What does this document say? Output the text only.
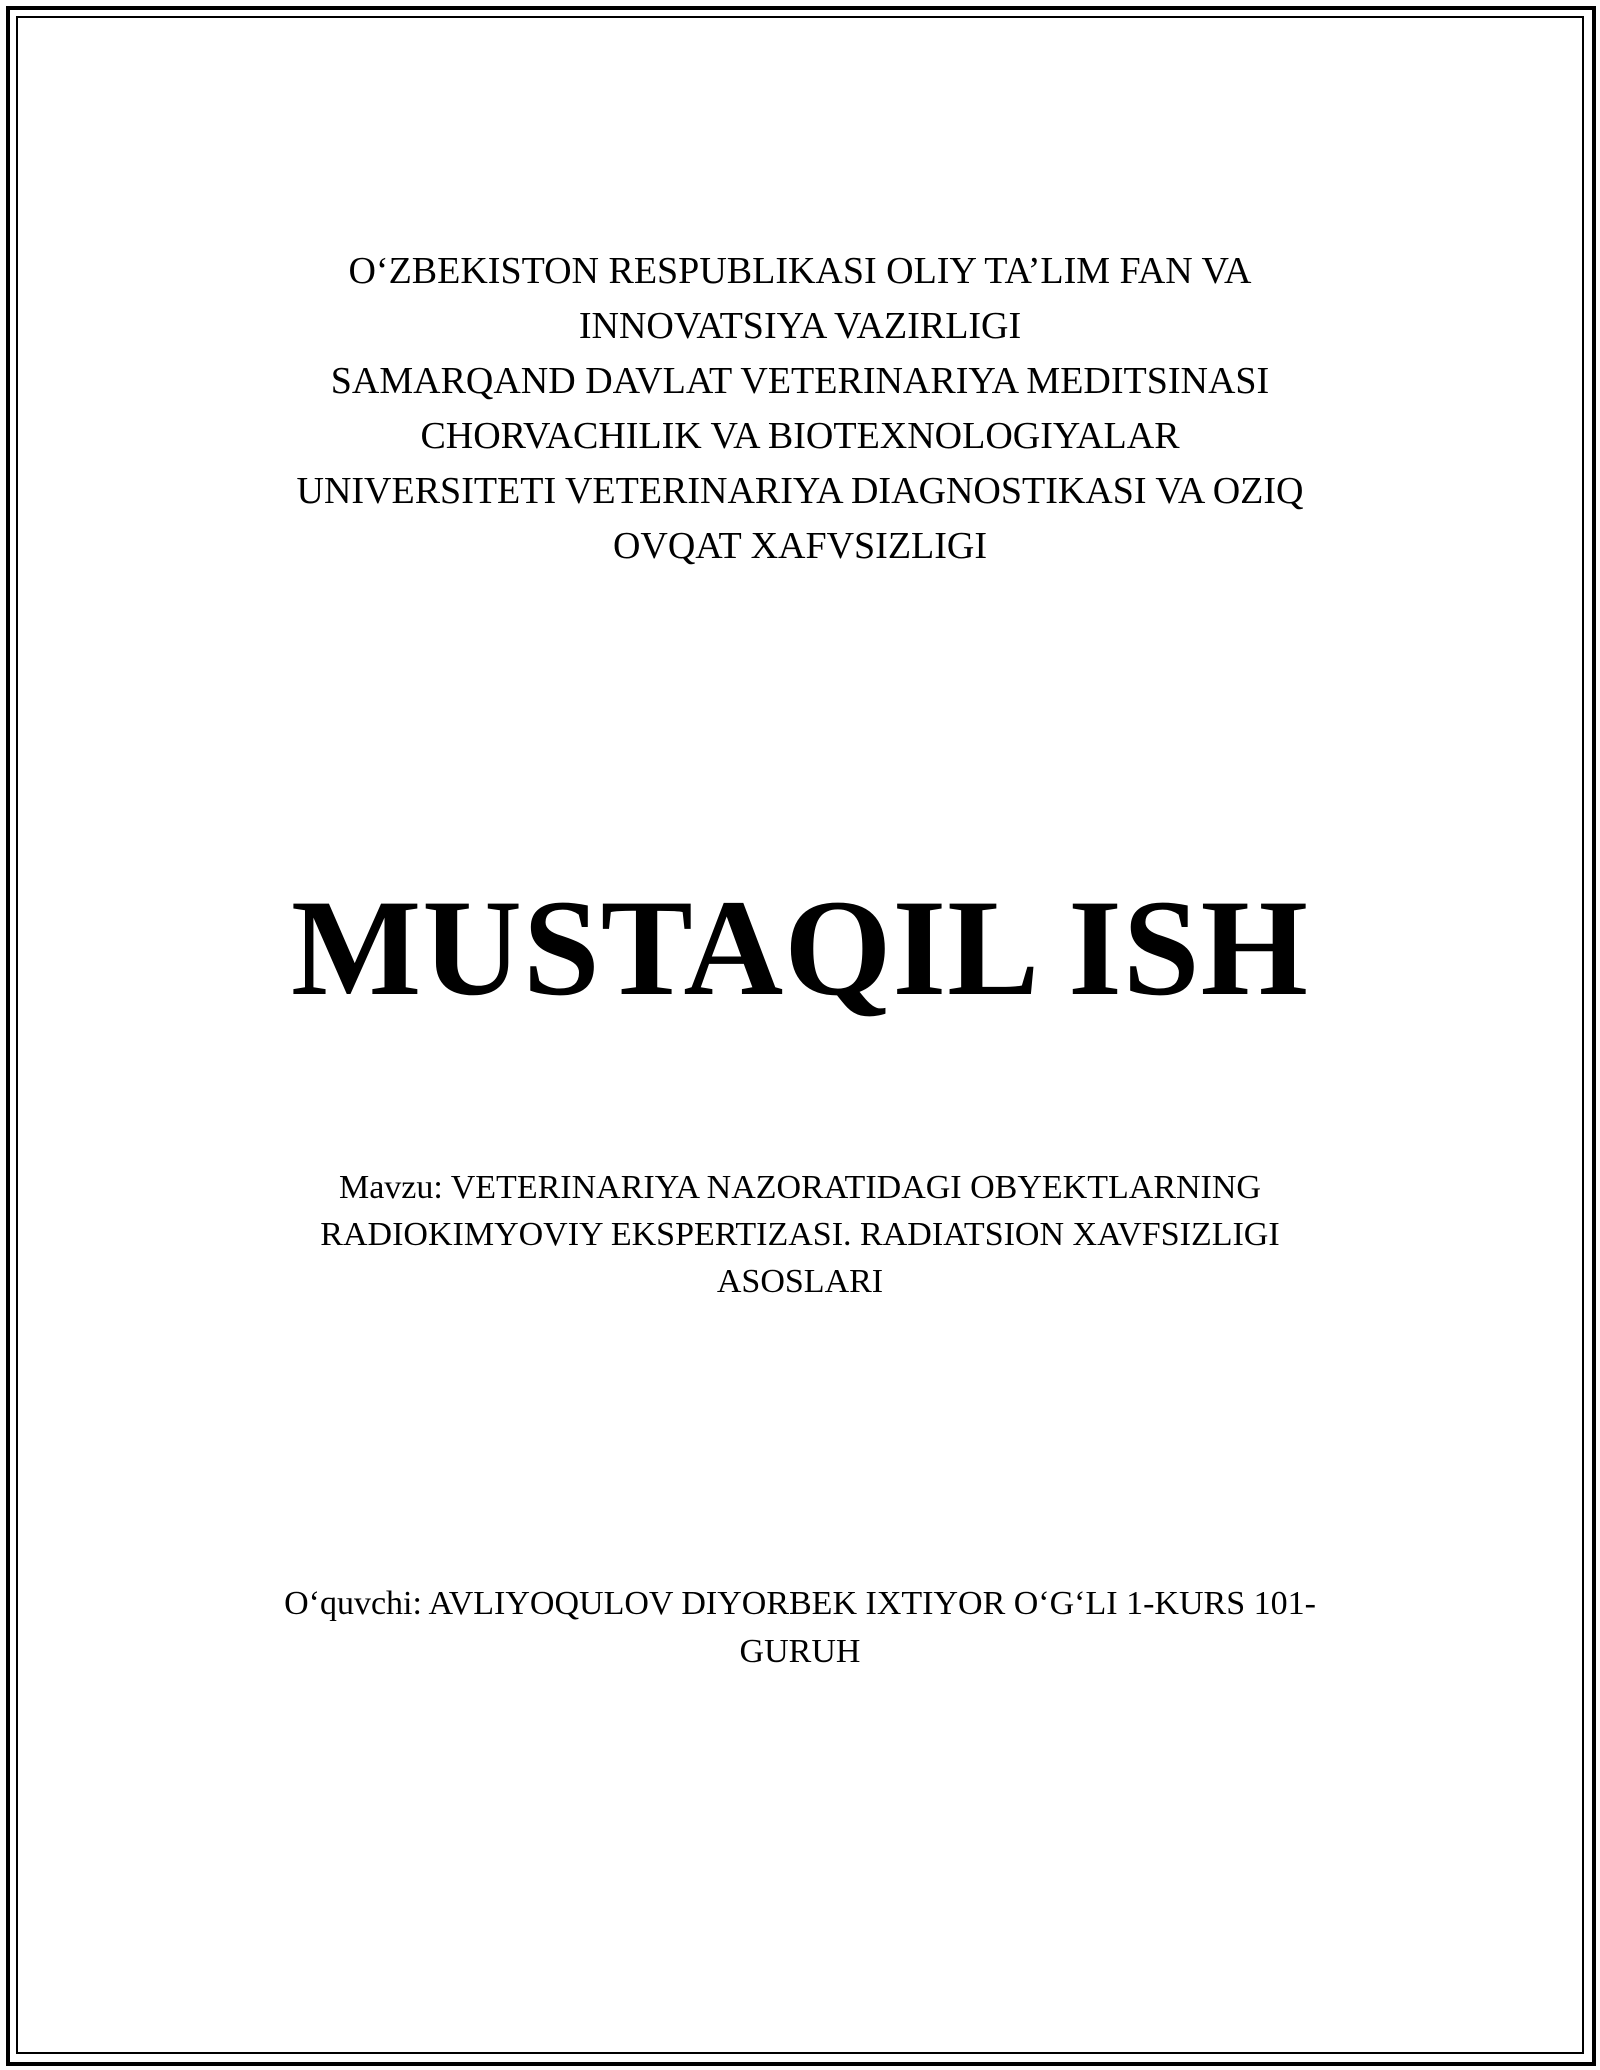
O‘ZBEKISTON RESPUBLIKASI OLIY TA’LIM FAN VA
INNOVATSIYA VAZIRLIGI
SAMARQAND DAVLAT VETERINARIYA MEDITSINASI
CHORVACHILIK VA BIOTEXNOLOGIYALAR
UNIVERSITETI VETERINARIYA DIAGNOSTIKASI VA OZIQ
OVQAT XAFVSIZLIGI
MUSTAQIL ISH
Mavzu: VETERINARIYA NAZORATIDAGI OBYEKTLARNING
RADIOKIMYOVIY EKSPERTIZASI. RADIATSION XAVFSIZLIGI
ASOSLARI
O‘quvchi: AVLIYOQULOV DIYORBEK IXTIYOR O‘G‘LI 1-KURS 101-
GURUH
